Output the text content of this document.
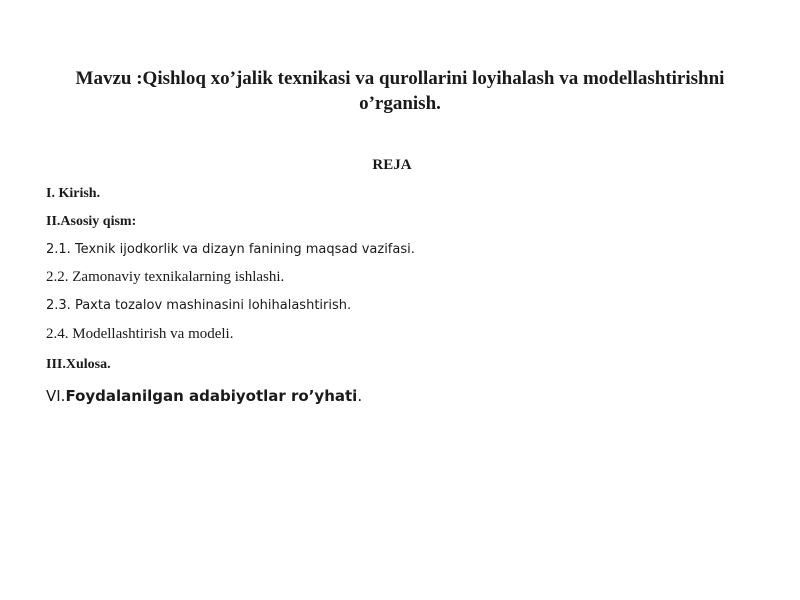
Mavzu :Qishloq xo’jalik texnikasi va qurollarini loyihalash va modellashtirishni o’rganish.
REJA

I. Kirish.

II.Asosiy qism:

2.1. Texnik ijodkorlik va dizayn fanining maqsad vazifasi.

2.2. Zamonaviy texnikalarning ishlashi.

2.3. Paxta tozalov mashinasini lohihalashtirish.

2.4. Modellashtirish va modeli.

III.Xulosa.

VI.Foydalanilgan adabiyotlar ro’yhati.
